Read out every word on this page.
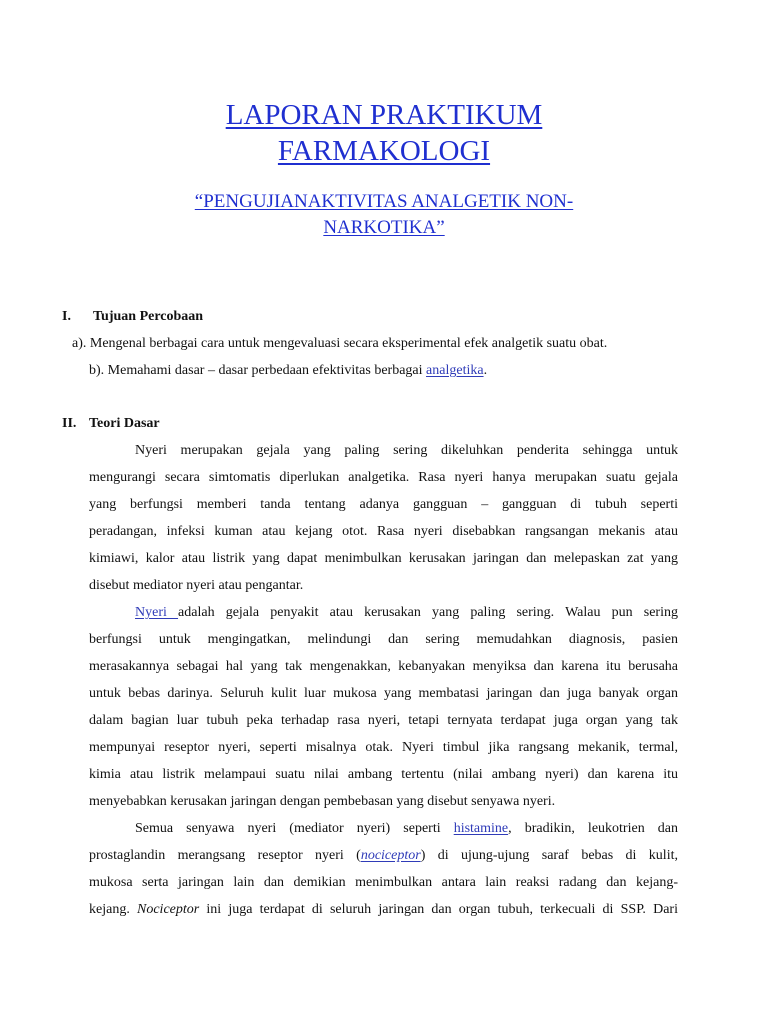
LAPORAN PRAKTIKUM
FARMAKOLOGI
“PENGUJIANAKTIVITAS ANALGETIK NON-
NARKOTIKA”
I. Tujuan Percobaan
a). Mengenal berbagai cara untuk mengevaluasi secara eksperimental efek analgetik suatu obat.
b). Memahami dasar – dasar perbedaan efektivitas berbagai analgetika.
II. Teori Dasar
Nyeri merupakan gejala yang paling sering dikeluhkan penderita sehingga untuk
mengurangi secara simtomatis diperlukan analgetika. Rasa nyeri hanya merupakan suatu gejala
yang berfungsi memberi tanda tentang adanya gangguan – gangguan di tubuh seperti
peradangan, infeksi kuman atau kejang otot. Rasa nyeri disebabkan rangsangan mekanis atau
kimiawi, kalor atau listrik yang dapat menimbulkan kerusakan jaringan dan melepaskan zat yang
disebut mediator nyeri atau pengantar.
Nyeri adalah gejala penyakit atau kerusakan yang paling sering. Walau pun sering
berfungsi untuk mengingatkan, melindungi dan sering memudahkan diagnosis, pasien
merasakannya sebagai hal yang tak mengenakkan, kebanyakan menyiksa dan karena itu berusaha
untuk bebas darinya. Seluruh kulit luar mukosa yang membatasi jaringan dan juga banyak organ
dalam bagian luar tubuh peka terhadap rasa nyeri, tetapi ternyata terdapat juga organ yang tak
mempunyai reseptor nyeri, seperti misalnya otak. Nyeri timbul jika rangsang mekanik, termal,
kimia atau listrik melampaui suatu nilai ambang tertentu (nilai ambang nyeri) dan karena itu
menyebabkan kerusakan jaringan dengan pembebasan yang disebut senyawa nyeri.
Semua senyawa nyeri (mediator nyeri) seperti histamine, bradikin, leukotrien dan
prostaglandin merangsang reseptor nyeri (nociceptor) di ujung-ujung saraf bebas di kulit,
mukosa serta jaringan lain dan demikian menimbulkan antara lain reaksi radang dan kejang-
kejang. Nociceptor ini juga terdapat di seluruh jaringan dan organ tubuh, terkecuali di SSP. Dari
